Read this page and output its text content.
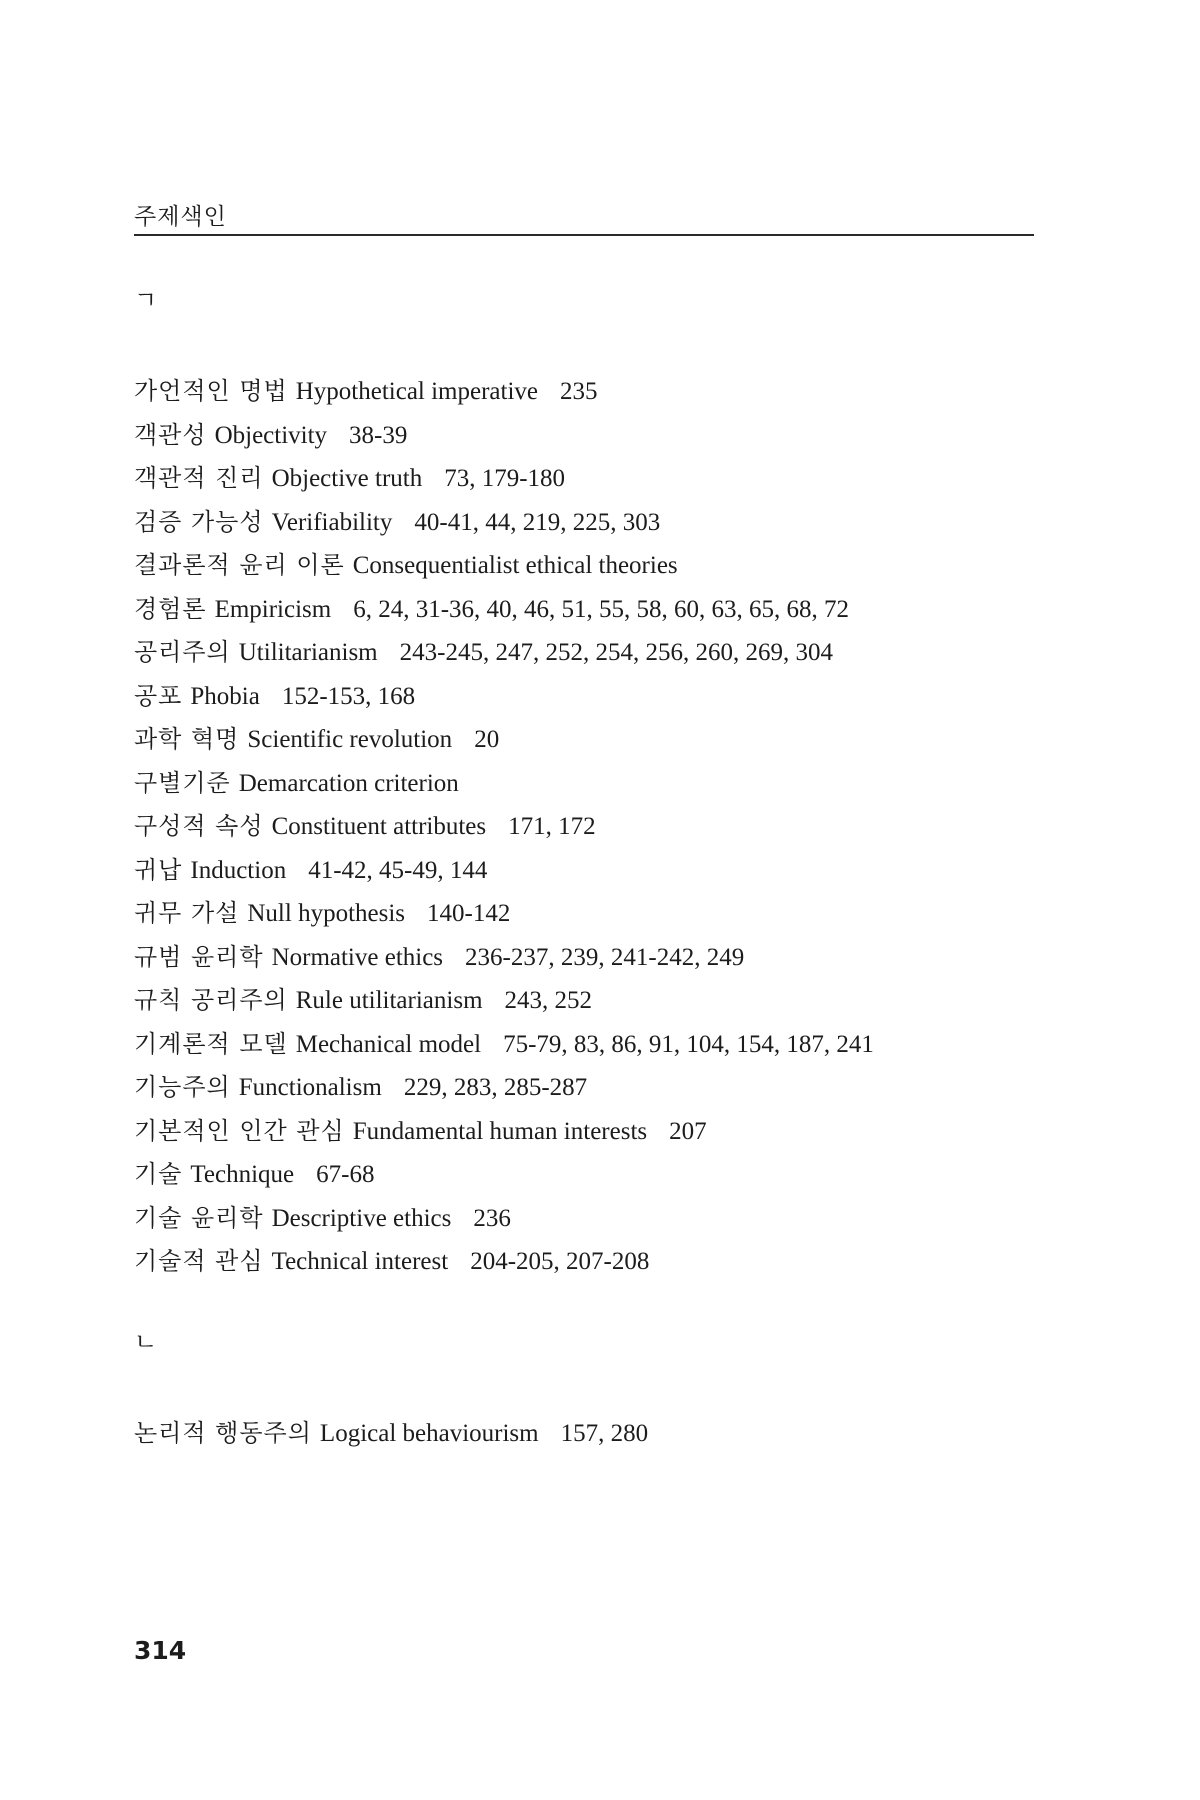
주제색인
ㄱ
가언적인 명법 Hypothetical imperative 235
객관성 Objectivity 38-39
객관적 진리 Objective truth 73, 179-180
검증 가능성 Verifiability 40-41, 44, 219, 225, 303
결과론적 윤리 이론 Consequentialist ethical theories
경험론 Empiricism 6, 24, 31-36, 40, 46, 51, 55, 58, 60, 63, 65, 68, 72
공리주의 Utilitarianism 243-245, 247, 252, 254, 256, 260, 269, 304
공포 Phobia 152-153, 168
과학 혁명 Scientific revolution 20
구별기준 Demarcation criterion
구성적 속성 Constituent attributes 171, 172
귀납 Induction 41-42, 45-49, 144
귀무 가설 Null hypothesis 140-142
규범 윤리학 Normative ethics 236-237, 239, 241-242, 249
규칙 공리주의 Rule utilitarianism 243, 252
기계론적 모델 Mechanical model 75-79, 83, 86, 91, 104, 154, 187, 241
기능주의 Functionalism 229, 283, 285-287
기본적인 인간 관심 Fundamental human interests 207
기술 Technique 67-68
기술 윤리학 Descriptive ethics 236
기술적 관심 Technical interest 204-205, 207-208
ㄴ
논리적 행동주의 Logical behaviourism 157, 280
314
